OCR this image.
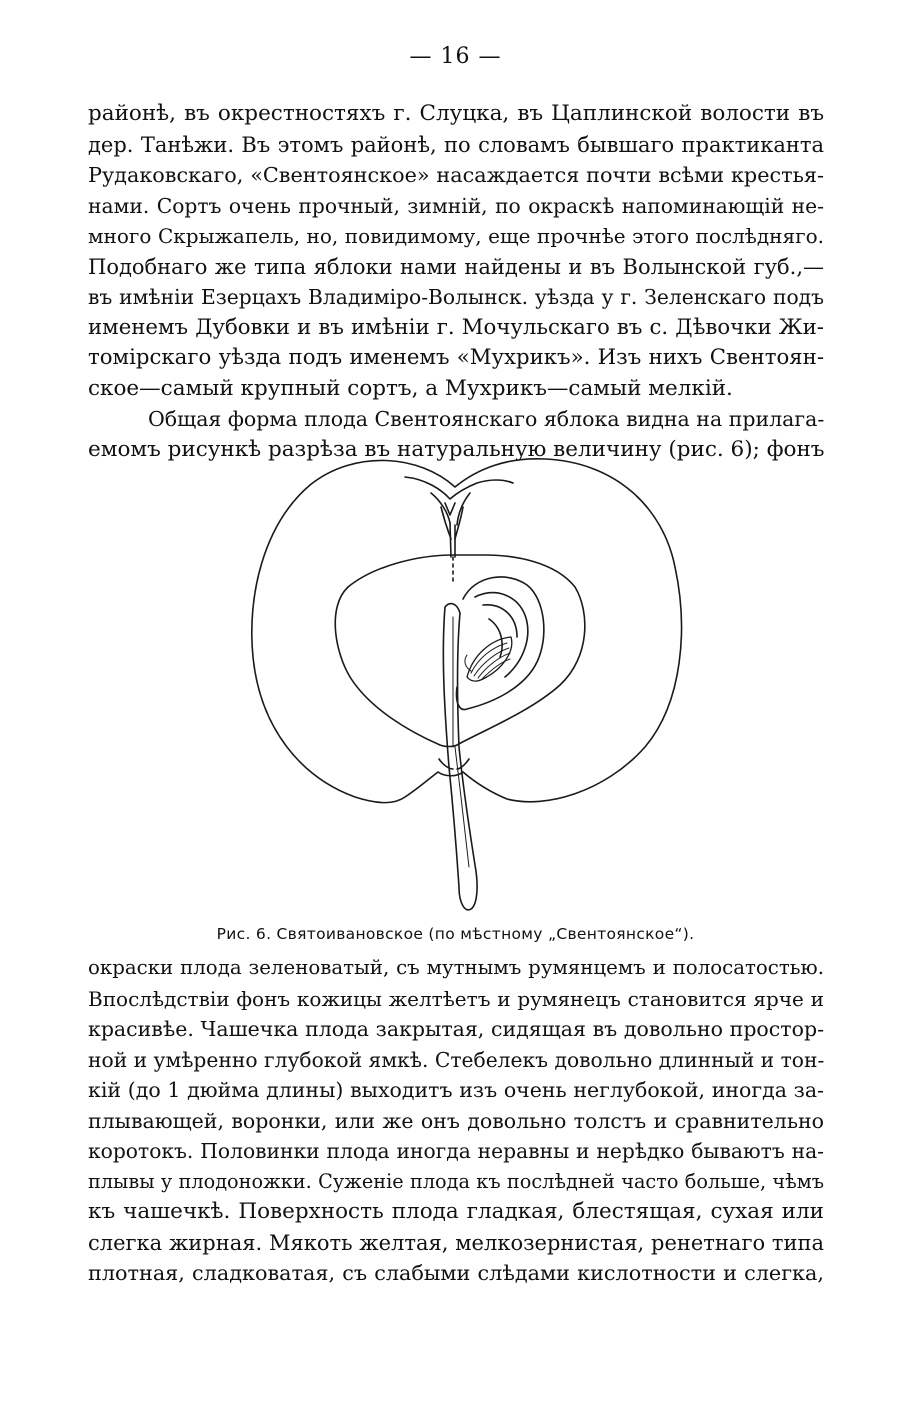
— 16 —
районѣ, въ окрестностяхъ г. Слуцка, въ Цаплинской волости въ
дер. Танѣжи. Въ этомъ районѣ, по словамъ бывшаго практиканта
Рудаковскаго, «Свентоянское» насаждается почти всѣми крестья-
нами. Сортъ очень прочный, зимній, по окраскѣ напоминающій не-
много Скрыжапель, но, повидимому, еще прочнѣе этого послѣдняго.
Подобнаго же типа яблоки нами найдены и въ Волынской губ.,—
въ имѣніи Езерцахъ Владиміро-Волынск. уѣзда у г. Зеленскаго подъ
именемъ Дубовки и въ имѣніи г. Мочульскаго въ с. Дѣвочки Жи-
томірскаго уѣзда подъ именемъ «Мухрикъ». Изъ нихъ Свентоян-
ское—самый крупный сортъ, а Мухрикъ—самый мелкій.
Общая форма плода Свентоянскаго яблока видна на прилага-
емомъ рисункѣ разрѣза въ натуральную величину (рис. 6); фонъ
Рис. 6. Святоивановское (по мѣстному „Свентоянское“).
окраски плода зеленоватый, съ мутнымъ румянцемъ и полосатостью.
Впослѣдствіи фонъ кожицы желтѣетъ и румянецъ становится ярче и
красивѣе. Чашечка плода закрытая, сидящая въ довольно простор-
ной и умѣренно глубокой ямкѣ. Стебелекъ довольно длинный и тон-
кій (до 1 дюйма длины) выходитъ изъ очень неглубокой, иногда за-
плывающей, воронки, или же онъ довольно толстъ и сравнительно
коротокъ. Половинки плода иногда неравны и нерѣдко бываютъ на-
плывы у плодоножки. Суженіе плода къ послѣдней часто больше, чѣмъ
къ чашечкѣ. Поверхность плода гладкая, блестящая, сухая или
слегка жирная. Мякоть желтая, мелкозернистая, ренетнаго типа
плотная, сладковатая, съ слабыми слѣдами кислотности и слегка,
